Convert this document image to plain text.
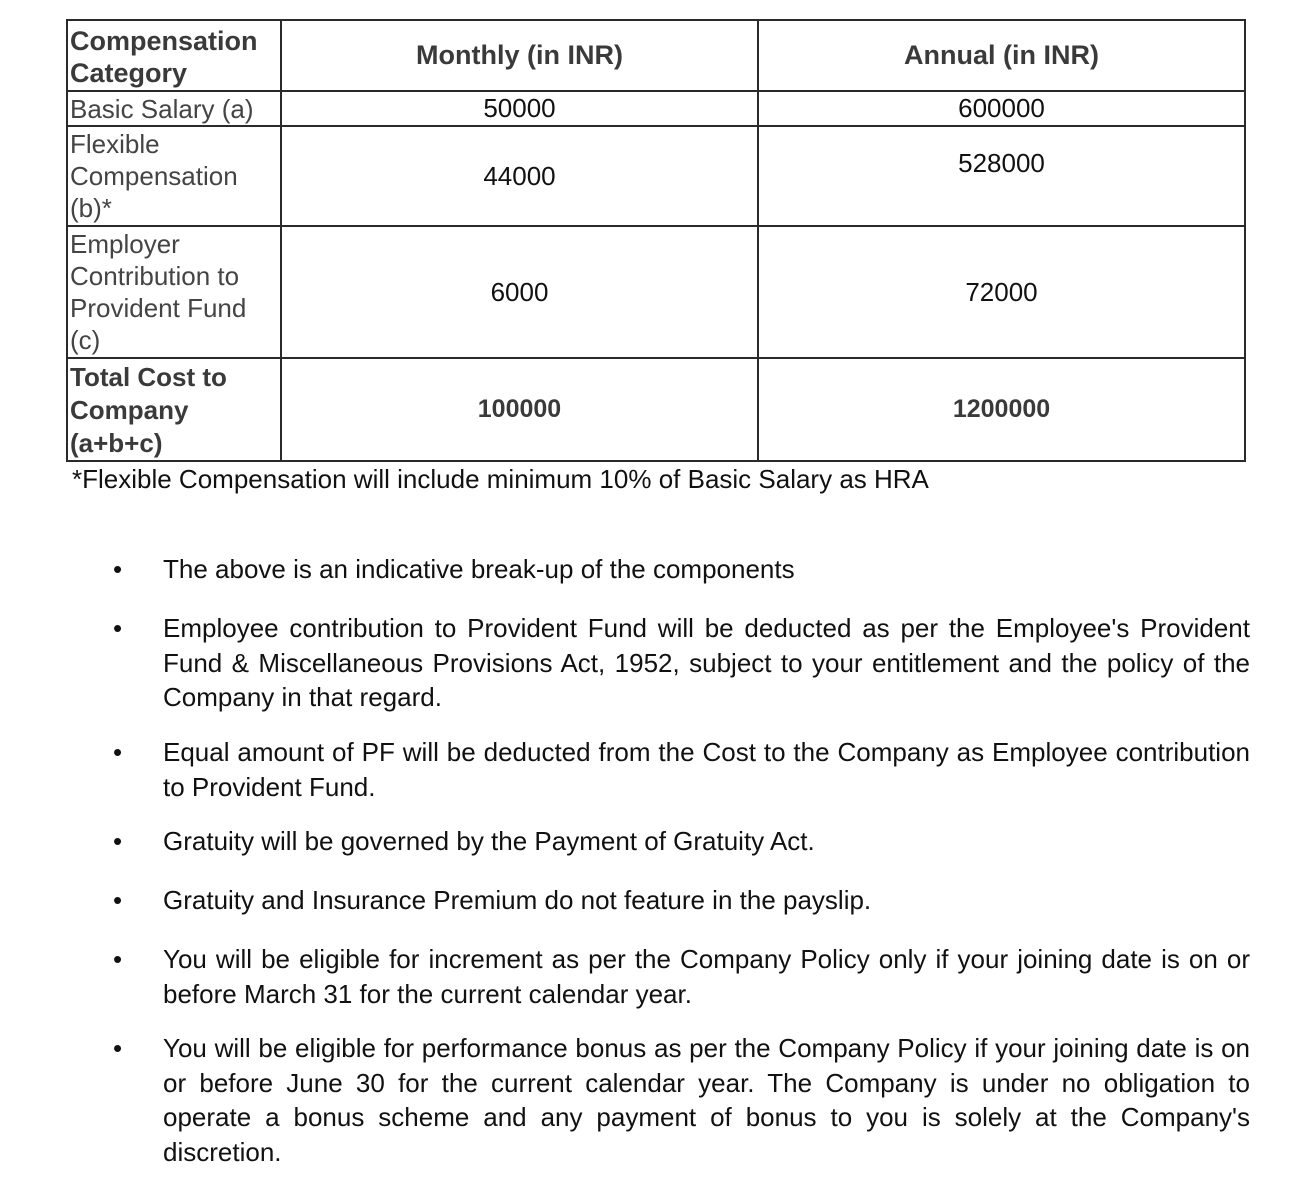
Compensation Category	Monthly (in INR)	Annual (in INR)
Basic Salary (a)	50000	600000
Flexible Compensation (b)*	44000	528000
Employer Contribution to Provident Fund (c)	6000	72000
Total Cost to Company (a+b+c)	100000	1200000
*Flexible Compensation will include minimum 10% of Basic Salary as HRA
•	The above is an indicative break-up of the components
•	Employee contribution to Provident Fund will be deducted as per the Employee's Provident Fund & Miscellaneous Provisions Act, 1952, subject to your entitlement and the policy of the Company in that regard.
•	Equal amount of PF will be deducted from the Cost to the Company as Employee contribution to Provident Fund.
•	Gratuity will be governed by the Payment of Gratuity Act.
•	Gratuity and Insurance Premium do not feature in the payslip.
•	You will be eligible for increment as per the Company Policy only if your joining date is on or before March 31 for the current calendar year.
•	You will be eligible for performance bonus as per the Company Policy if your joining date is on or before June 30 for the current calendar year. The Company is under no obligation to operate a bonus scheme and any payment of bonus to you is solely at the Company's discretion.
